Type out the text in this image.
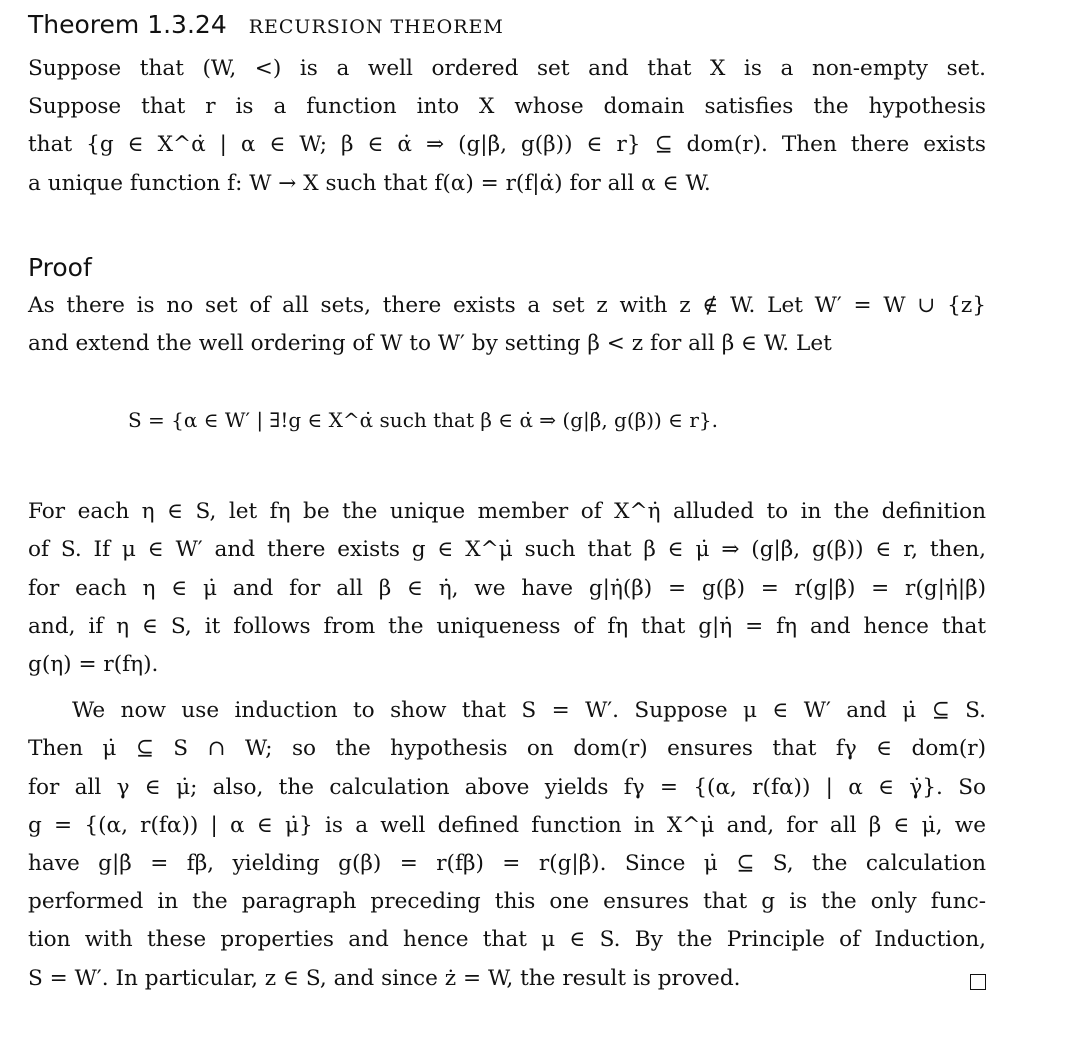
Theorem 1.3.24 RECURSION THEOREM
Suppose that (W, <) is a well ordered set and that X is a non-empty set.
Suppose that r is a function into X whose domain satisfies the hypothesis
that {g ∈ X^α̇ | α ∈ W; β ∈ α̇ ⇒ (g|β̇, g(β)) ∈ r} ⊆ dom(r). Then there exists
a unique function f: W → X such that f(α) = r(f|α̇) for all α ∈ W.
Proof
As there is no set of all sets, there exists a set z with z ∉ W. Let W′ = W ∪ {z}
and extend the well ordering of W to W′ by setting β < z for all β ∈ W. Let
S = {α ∈ W′ | ∃!g ∈ X^α̇ such that β ∈ α̇ ⇒ (g|β̇, g(β)) ∈ r}.
For each η ∈ S, let fη be the unique member of X^η̇ alluded to in the definition
of S. If μ ∈ W′ and there exists g ∈ X^μ̇ such that β ∈ μ̇ ⇒ (g|β̇, g(β)) ∈ r, then,
for each η ∈ μ̇ and for all β ∈ η̇, we have g|η̇(β) = g(β) = r(g|β̇) = r(g|η̇|β̇)
and, if η ∈ S, it follows from the uniqueness of fη that g|η̇ = fη and hence that
g(η) = r(fη).
We now use induction to show that S = W′. Suppose μ ∈ W′ and μ̇ ⊆ S.
Then μ̇ ⊆ S ∩ W; so the hypothesis on dom(r) ensures that fγ ∈ dom(r)
for all γ ∈ μ̇; also, the calculation above yields fγ = {(α, r(fα)) | α ∈ γ̇}. So
g = {(α, r(fα)) | α ∈ μ̇} is a well defined function in X^μ̇ and, for all β ∈ μ̇, we
have g|β̇ = fβ, yielding g(β) = r(fβ) = r(g|β̇). Since μ̇ ⊆ S, the calculation
performed in the paragraph preceding this one ensures that g is the only func-
tion with these properties and hence that μ ∈ S. By the Principle of Induction,
S = W′. In particular, z ∈ S, and since ż = W, the result is proved.
